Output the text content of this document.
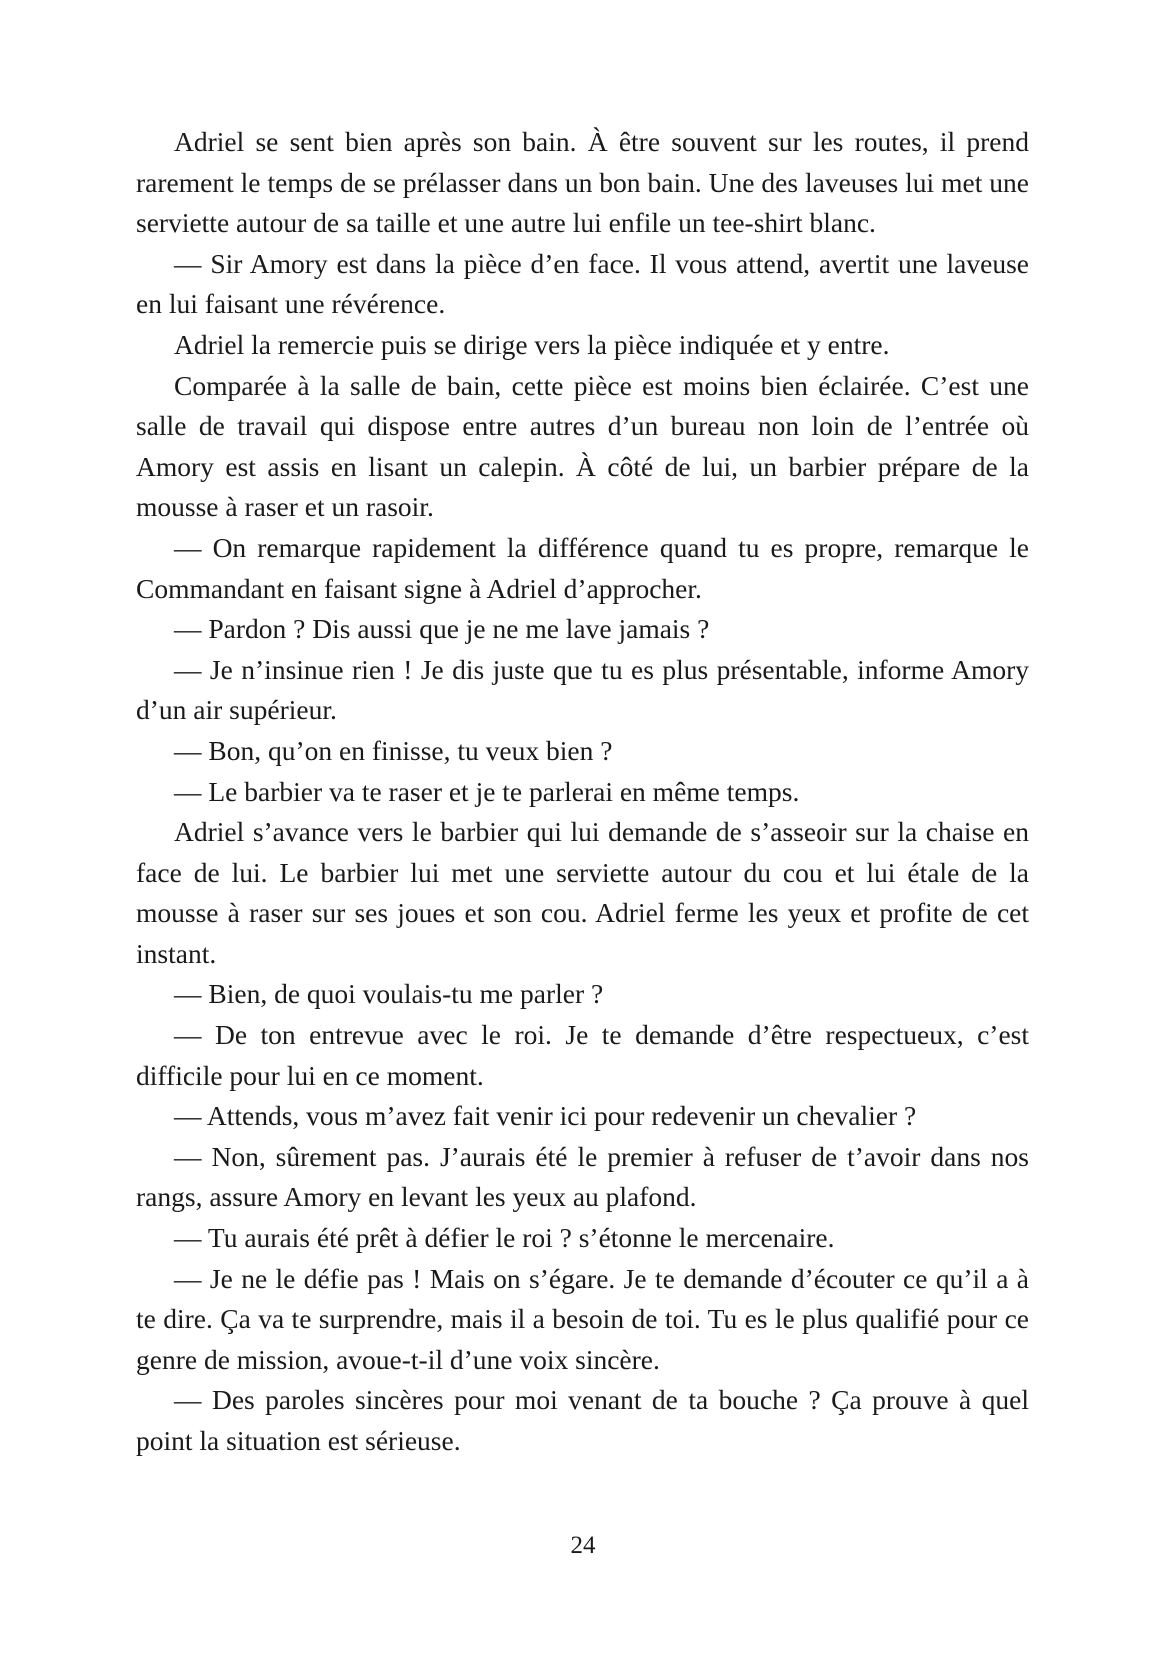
Adriel se sent bien après son bain. À être souvent sur les routes, il prend rarement le temps de se prélasser dans un bon bain. Une des laveuses lui met une serviette autour de sa taille et une autre lui enfile un tee-shirt blanc.

— Sir Amory est dans la pièce d’en face. Il vous attend, avertit une laveuse en lui faisant une révérence.

Adriel la remercie puis se dirige vers la pièce indiquée et y entre.

Comparée à la salle de bain, cette pièce est moins bien éclairée. C’est une salle de travail qui dispose entre autres d’un bureau non loin de l’entrée où Amory est assis en lisant un calepin. À côté de lui, un barbier prépare de la mousse à raser et un rasoir.

— On remarque rapidement la différence quand tu es propre, remarque le Commandant en faisant signe à Adriel d’approcher.

— Pardon ? Dis aussi que je ne me lave jamais ?

— Je n’insinue rien ! Je dis juste que tu es plus présentable, informe Amory d’un air supérieur.

— Bon, qu’on en finisse, tu veux bien ?

— Le barbier va te raser et je te parlerai en même temps.

Adriel s’avance vers le barbier qui lui demande de s’asseoir sur la chaise en face de lui. Le barbier lui met une serviette autour du cou et lui étale de la mousse à raser sur ses joues et son cou. Adriel ferme les yeux et profite de cet instant.

— Bien, de quoi voulais-tu me parler ?

— De ton entrevue avec le roi. Je te demande d’être respectueux, c’est difficile pour lui en ce moment.

— Attends, vous m’avez fait venir ici pour redevenir un chevalier ?

— Non, sûrement pas. J’aurais été le premier à refuser de t’avoir dans nos rangs, assure Amory en levant les yeux au plafond.

— Tu aurais été prêt à défier le roi ? s’étonne le mercenaire.

— Je ne le défie pas ! Mais on s’égare. Je te demande d’écouter ce qu’il a à te dire. Ça va te surprendre, mais il a besoin de toi. Tu es le plus qualifié pour ce genre de mission, avoue-t-il d’une voix sincère.

— Des paroles sincères pour moi venant de ta bouche ? Ça prouve à quel point la situation est sérieuse.

24
